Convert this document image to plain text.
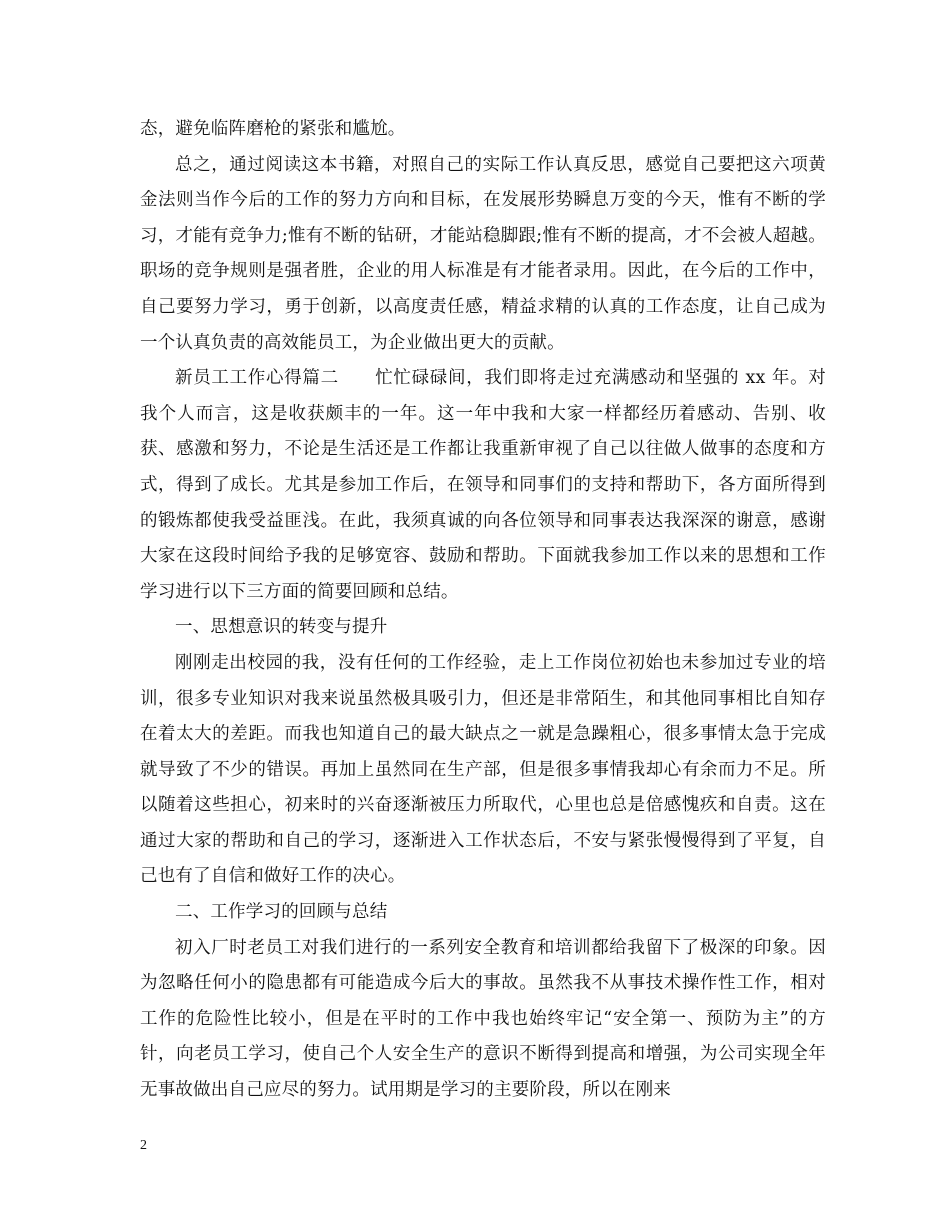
态，避免临阵磨枪的紧张和尴尬。

总之，通过阅读这本书籍，对照自己的实际工作认真反思，感觉自己要把这六项黄金法则当作今后的工作的努力方向和目标，在发展形势瞬息万变的今天，惟有不断的学习，才能有竞争力;惟有不断的钻研，才能站稳脚跟;惟有不断的提高，才不会被人超越。职场的竞争规则是强者胜，企业的用人标准是有才能者录用。因此，在今后的工作中，自己要努力学习，勇于创新，以高度责任感，精益求精的认真的工作态度，让自己成为一个认真负责的高效能员工，为企业做出更大的贡献。

新员工工作心得篇二　　忙忙碌碌间，我们即将走过充满感动和坚强的 xx 年。对我个人而言，这是收获颇丰的一年。这一年中我和大家一样都经历着感动、告别、收获、感激和努力，不论是生活还是工作都让我重新审视了自己以往做人做事的态度和方式，得到了成长。尤其是参加工作后，在领导和同事们的支持和帮助下，各方面所得到的锻炼都使我受益匪浅。在此，我须真诚的向各位领导和同事表达我深深的谢意，感谢大家在这段时间给予我的足够宽容、鼓励和帮助。下面就我参加工作以来的思想和工作学习进行以下三方面的简要回顾和总结。

一、思想意识的转变与提升

刚刚走出校园的我，没有任何的工作经验，走上工作岗位初始也未参加过专业的培训，很多专业知识对我来说虽然极具吸引力，但还是非常陌生，和其他同事相比自知存在着太大的差距。而我也知道自己的最大缺点之一就是急躁粗心，很多事情太急于完成就导致了不少的错误。再加上虽然同在生产部，但是很多事情我却心有余而力不足。所以随着这些担心，初来时的兴奋逐渐被压力所取代，心里也总是倍感愧疚和自责。这在通过大家的帮助和自己的学习，逐渐进入工作状态后，不安与紧张慢慢得到了平复，自己也有了自信和做好工作的决心。

二、工作学习的回顾与总结

初入厂时老员工对我们进行的一系列安全教育和培训都给我留下了极深的印象。因为忽略任何小的隐患都有可能造成今后大的事故。虽然我不从事技术操作性工作，相对工作的危险性比较小，但是在平时的工作中我也始终牢记“安全第一、预防为主”的方针，向老员工学习，使自己个人安全生产的意识不断得到提高和增强，为公司实现全年无事故做出自己应尽的努力。试用期是学习的主要阶段，所以在刚来

2
